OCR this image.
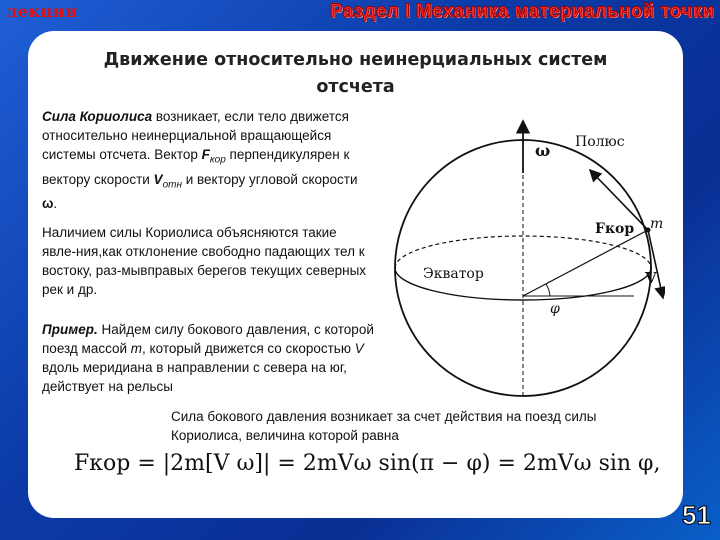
лекции	Раздел I Механика материальной точки
Движение относительно неинерциальных систем
отсчета
Сила Кориолиса возникает, если тело движется относительно неинерциальной вращающейся системы отсчета. Вектор $F_{кор}$ перпендикулярен к вектору скорости $V_{отн}$ и вектору угловой скорости ω.
Наличием силы Кориолиса объясняются такие явле-ния,как отклонение свободно падающих тел к востоку, раз-мывправых берегов текущих северных рек и др.
Пример. Найдем силу бокового давления, с которой поезд массой m, который движется со скоростью V вдоль меридиана в направлении с севера на юг, действует на рельсы
Сила бокового давления возникает за счет действия на поезд силы Кориолиса, величина которой равна
Fкор = |2m[V ω]| = 2mVω sin(π − φ) = 2mVω sin φ,
ω Полюс
Fкор m
V
Экватор
φ
51
